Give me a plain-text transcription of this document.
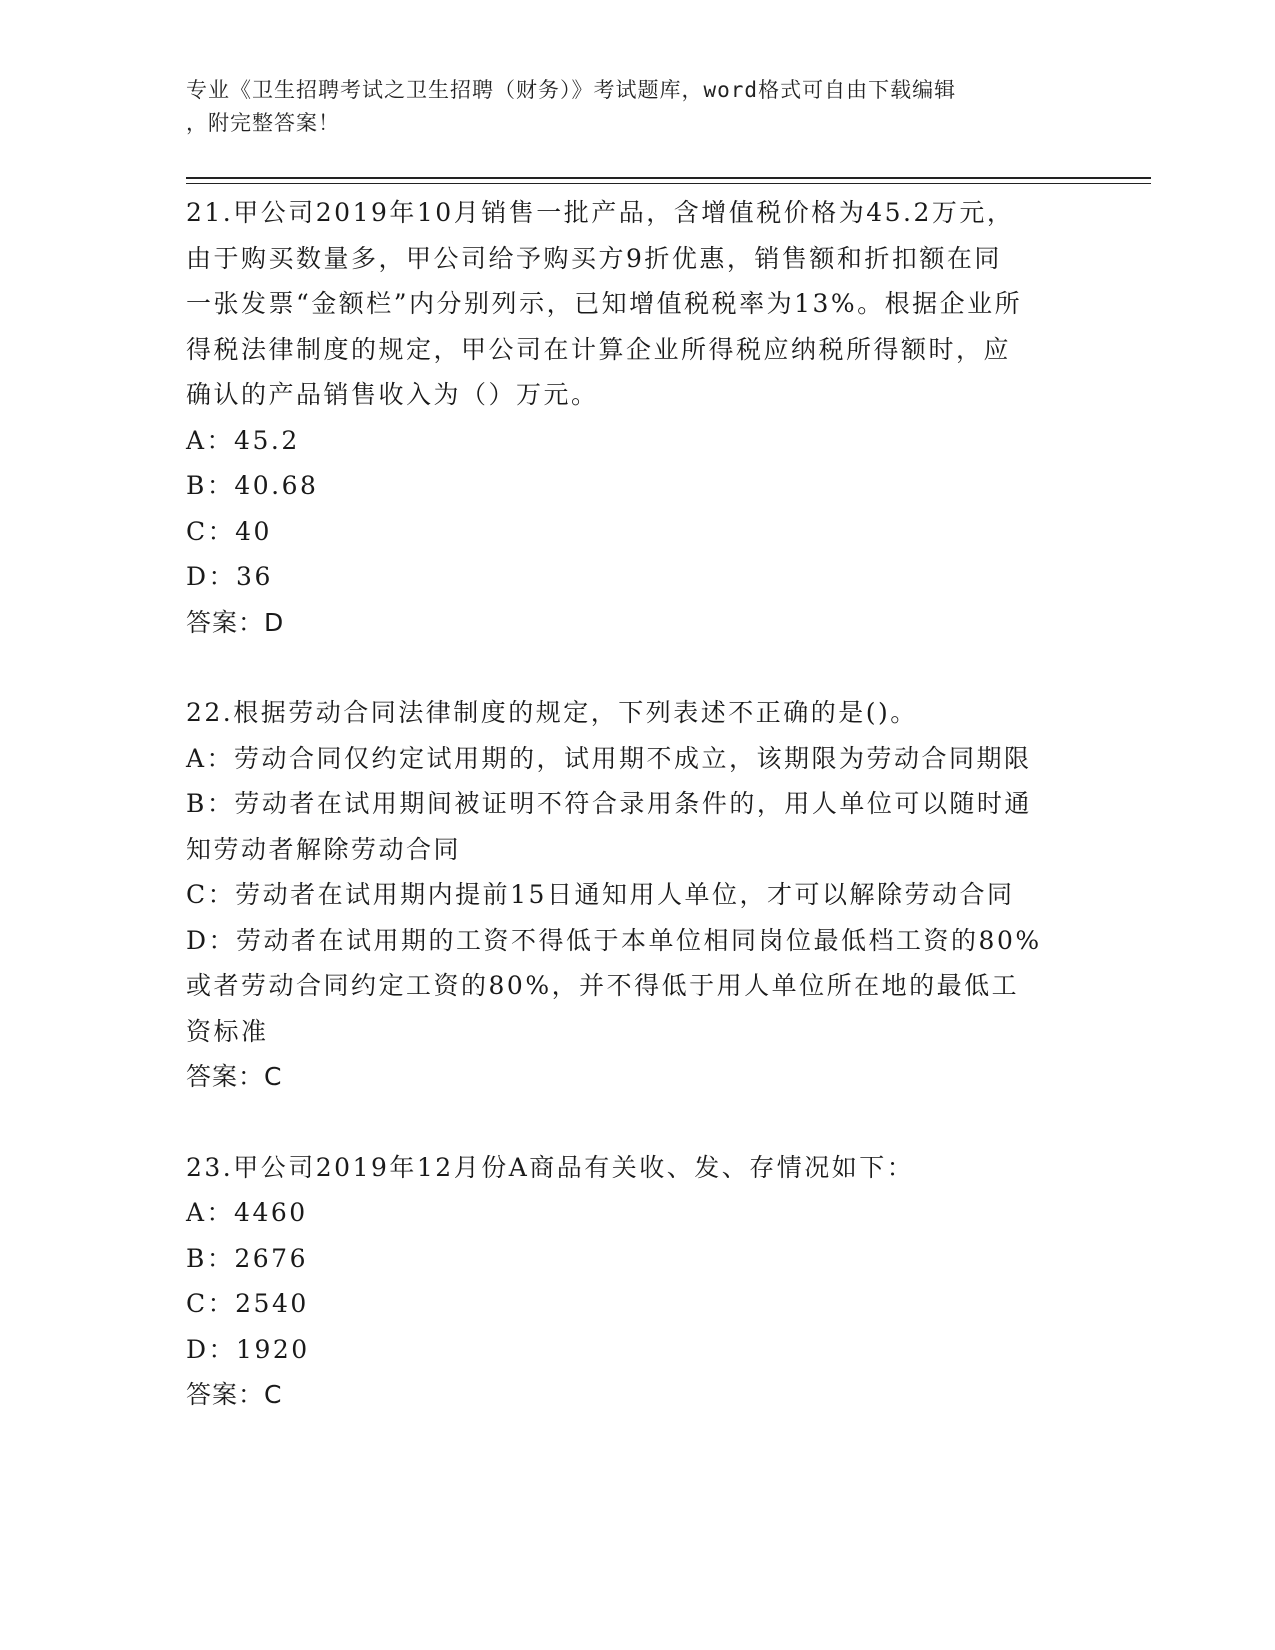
专业《卫生招聘考试之卫生招聘（财务）》考试题库，word格式可自由下载编辑
，附完整答案！
21.甲公司2019年10月销售一批产品，含增值税价格为45.2万元，
由于购买数量多，甲公司给予购买方9折优惠，销售额和折扣额在同
一张发票“金额栏”内分别列示，已知增值税税率为13%。根据企业所
得税法律制度的规定，甲公司在计算企业所得税应纳税所得额时，应
确认的产品销售收入为（）万元。
A：45.2
B：40.68
C：40
D：36
答案：D
22.根据劳动合同法律制度的规定，下列表述不正确的是()。
A：劳动合同仅约定试用期的，试用期不成立，该期限为劳动合同期限
B：劳动者在试用期间被证明不符合录用条件的，用人单位可以随时通
知劳动者解除劳动合同
C：劳动者在试用期内提前15日通知用人单位，才可以解除劳动合同
D：劳动者在试用期的工资不得低于本单位相同岗位最低档工资的80%
或者劳动合同约定工资的80%，并不得低于用人单位所在地的最低工
资标准
答案：C
23.甲公司2019年12月份A商品有关收、发、存情况如下：
A：4460
B：2676
C：2540
D：1920
答案：C
